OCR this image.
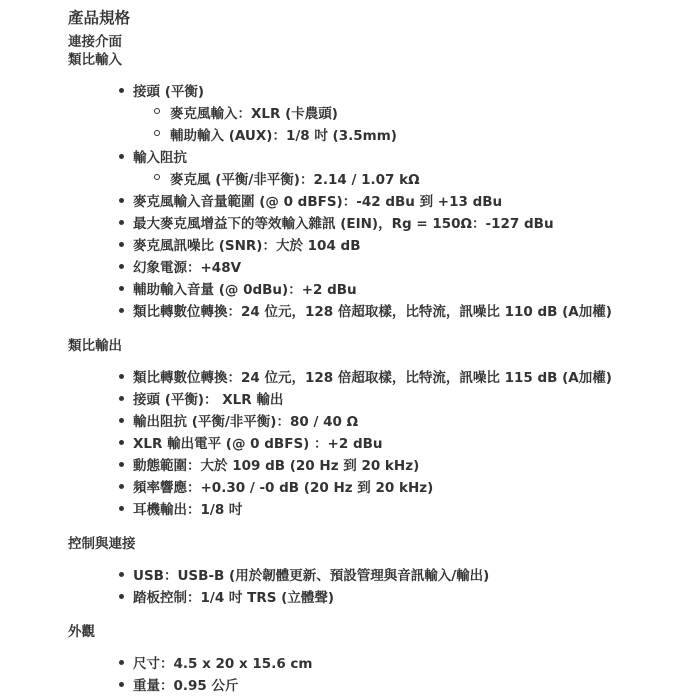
產品規格
連接介面
類比輸入
接頭 (平衡)
麥克風輸入：XLR (卡農頭)
輔助輸入 (AUX)：1/8 吋 (3.5mm)
輸入阻抗
麥克風 (平衡/非平衡)：2.14 / 1.07 kΩ
麥克風輸入音量範圍 (@ 0 dBFS)：-42 dBu 到 +13 dBu
最大麥克風增益下的等效輸入雜訊 (EIN)，Rg = 150Ω：-127 dBu
麥克風訊噪比 (SNR)：大於 104 dB
幻象電源：+48V
輔助輸入音量 (@ 0dBu)：+2 dBu
類比轉數位轉換：24 位元，128 倍超取樣，比特流，訊噪比 110 dB (A加權)
類比輸出
類比轉數位轉換：24 位元，128 倍超取樣，比特流，訊噪比 115 dB (A加權)
接頭 (平衡)： XLR 輸出
輸出阻抗 (平衡/非平衡)：80 / 40 Ω
XLR 輸出電平 (@ 0 dBFS) ：+2 dBu
動態範圍：大於 109 dB (20 Hz 到 20 kHz)
頻率響應：+0.30 / -0 dB (20 Hz 到 20 kHz)
耳機輸出：1/8 吋
控制與連接
USB：USB-B (用於韌體更新、預設管理與音訊輸入/輸出)
踏板控制：1/4 吋 TRS (立體聲)
外觀
尺寸：4.5 x 20 x 15.6 cm
重量：0.95 公斤
